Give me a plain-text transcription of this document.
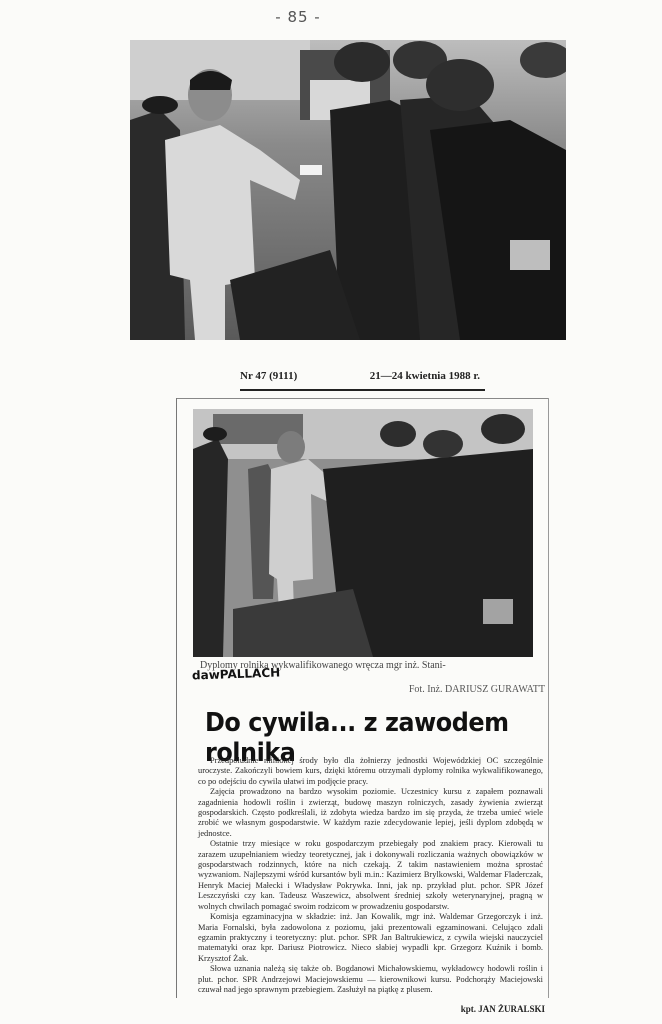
- 85 -
Nr 47 (9111)	21—24 kwietnia 1988 r.
Dyplomy rolnika wykwalifikowanego wręcza mgr inż. Stani-
dawPALLACH
Fot. Inż. DARIUSZ GURAWATT
Do cywila... z zawodem rolnika

Przedpołudnie minionej środy było dla żołnierzy jednostki Wojewódzkiej OC szczególnie uroczyste. Zakończyli bowiem kurs, dzięki któremu otrzymali dyplomy rolnika wykwalifikowanego, co po odejściu do cywila ułatwi im podjęcie pracy.

Zajęcia prowadzono na bardzo wysokim poziomie. Uczestnicy kursu z zapałem poznawali zagadnienia hodowli roślin i zwierząt, budowę maszyn rolniczych, zasady żywienia zwierząt gospodarskich. Często podkreślali, iż zdobyta wiedza bardzo im się przyda, że trzeba umieć wiele zrobić we własnym gospodarstwie. W każdym razie zdecydowanie lepiej, jeśli dyplom zdobędą w jednostce.

Ostatnie trzy miesiące w roku gospodarczym przebiegały pod znakiem pracy. Kierowali tu zarazem uzupełnianiem wiedzy teoretycznej, jak i dokonywali rozliczania ważnych obowiązków w gospodarstwach rodzinnych, które na nich czekają. Z takim nastawieniem można sprostać wyzwaniom. Najlepszymi wśród kursantów byli m.in.: Kazimierz Brylkowski, Waldemar Fladerczak, Henryk Maciej Małecki i Władysław Pokrywka. Inni, jak np. przykład plut. pchor. SPR Józef Leszczyński czy kan. Tadeusz Waszewicz, absolwent średniej szkoły weterynaryjnej, pragną w wolnych chwilach pomagać swoim rodzicom w prowadzeniu gospodarstw.

Komisja egzaminacyjna w składzie: inż. Jan Kowalik, mgr inż. Waldemar Grzegorczyk i inż. Maria Fornalski, była zadowolona z poziomu, jaki prezentowali egzaminowani. Celująco zdali egzamin praktyczny i teoretyczny: plut. pchor. SPR Jan Baltrukiewicz, z cywila wiejski nauczyciel matematyki oraz kpr. Dariusz Piotrowicz. Nieco słabiej wypadli kpr. Grzegorz Kuźnik i bomb. Krzysztof Żak.

Słowa uznania należą się także ob. Bogdanowi Michałowskiemu, wykładowcy hodowli roślin i plut. pchor. SPR Andrzejowi Maciejowskiemu — kierownikowi kursu. Podchorąży Maciejowski czuwał nad jego sprawnym przebiegiem. Zasłużył na piątkę z plusem.

kpt. JAN ŻURALSKI
